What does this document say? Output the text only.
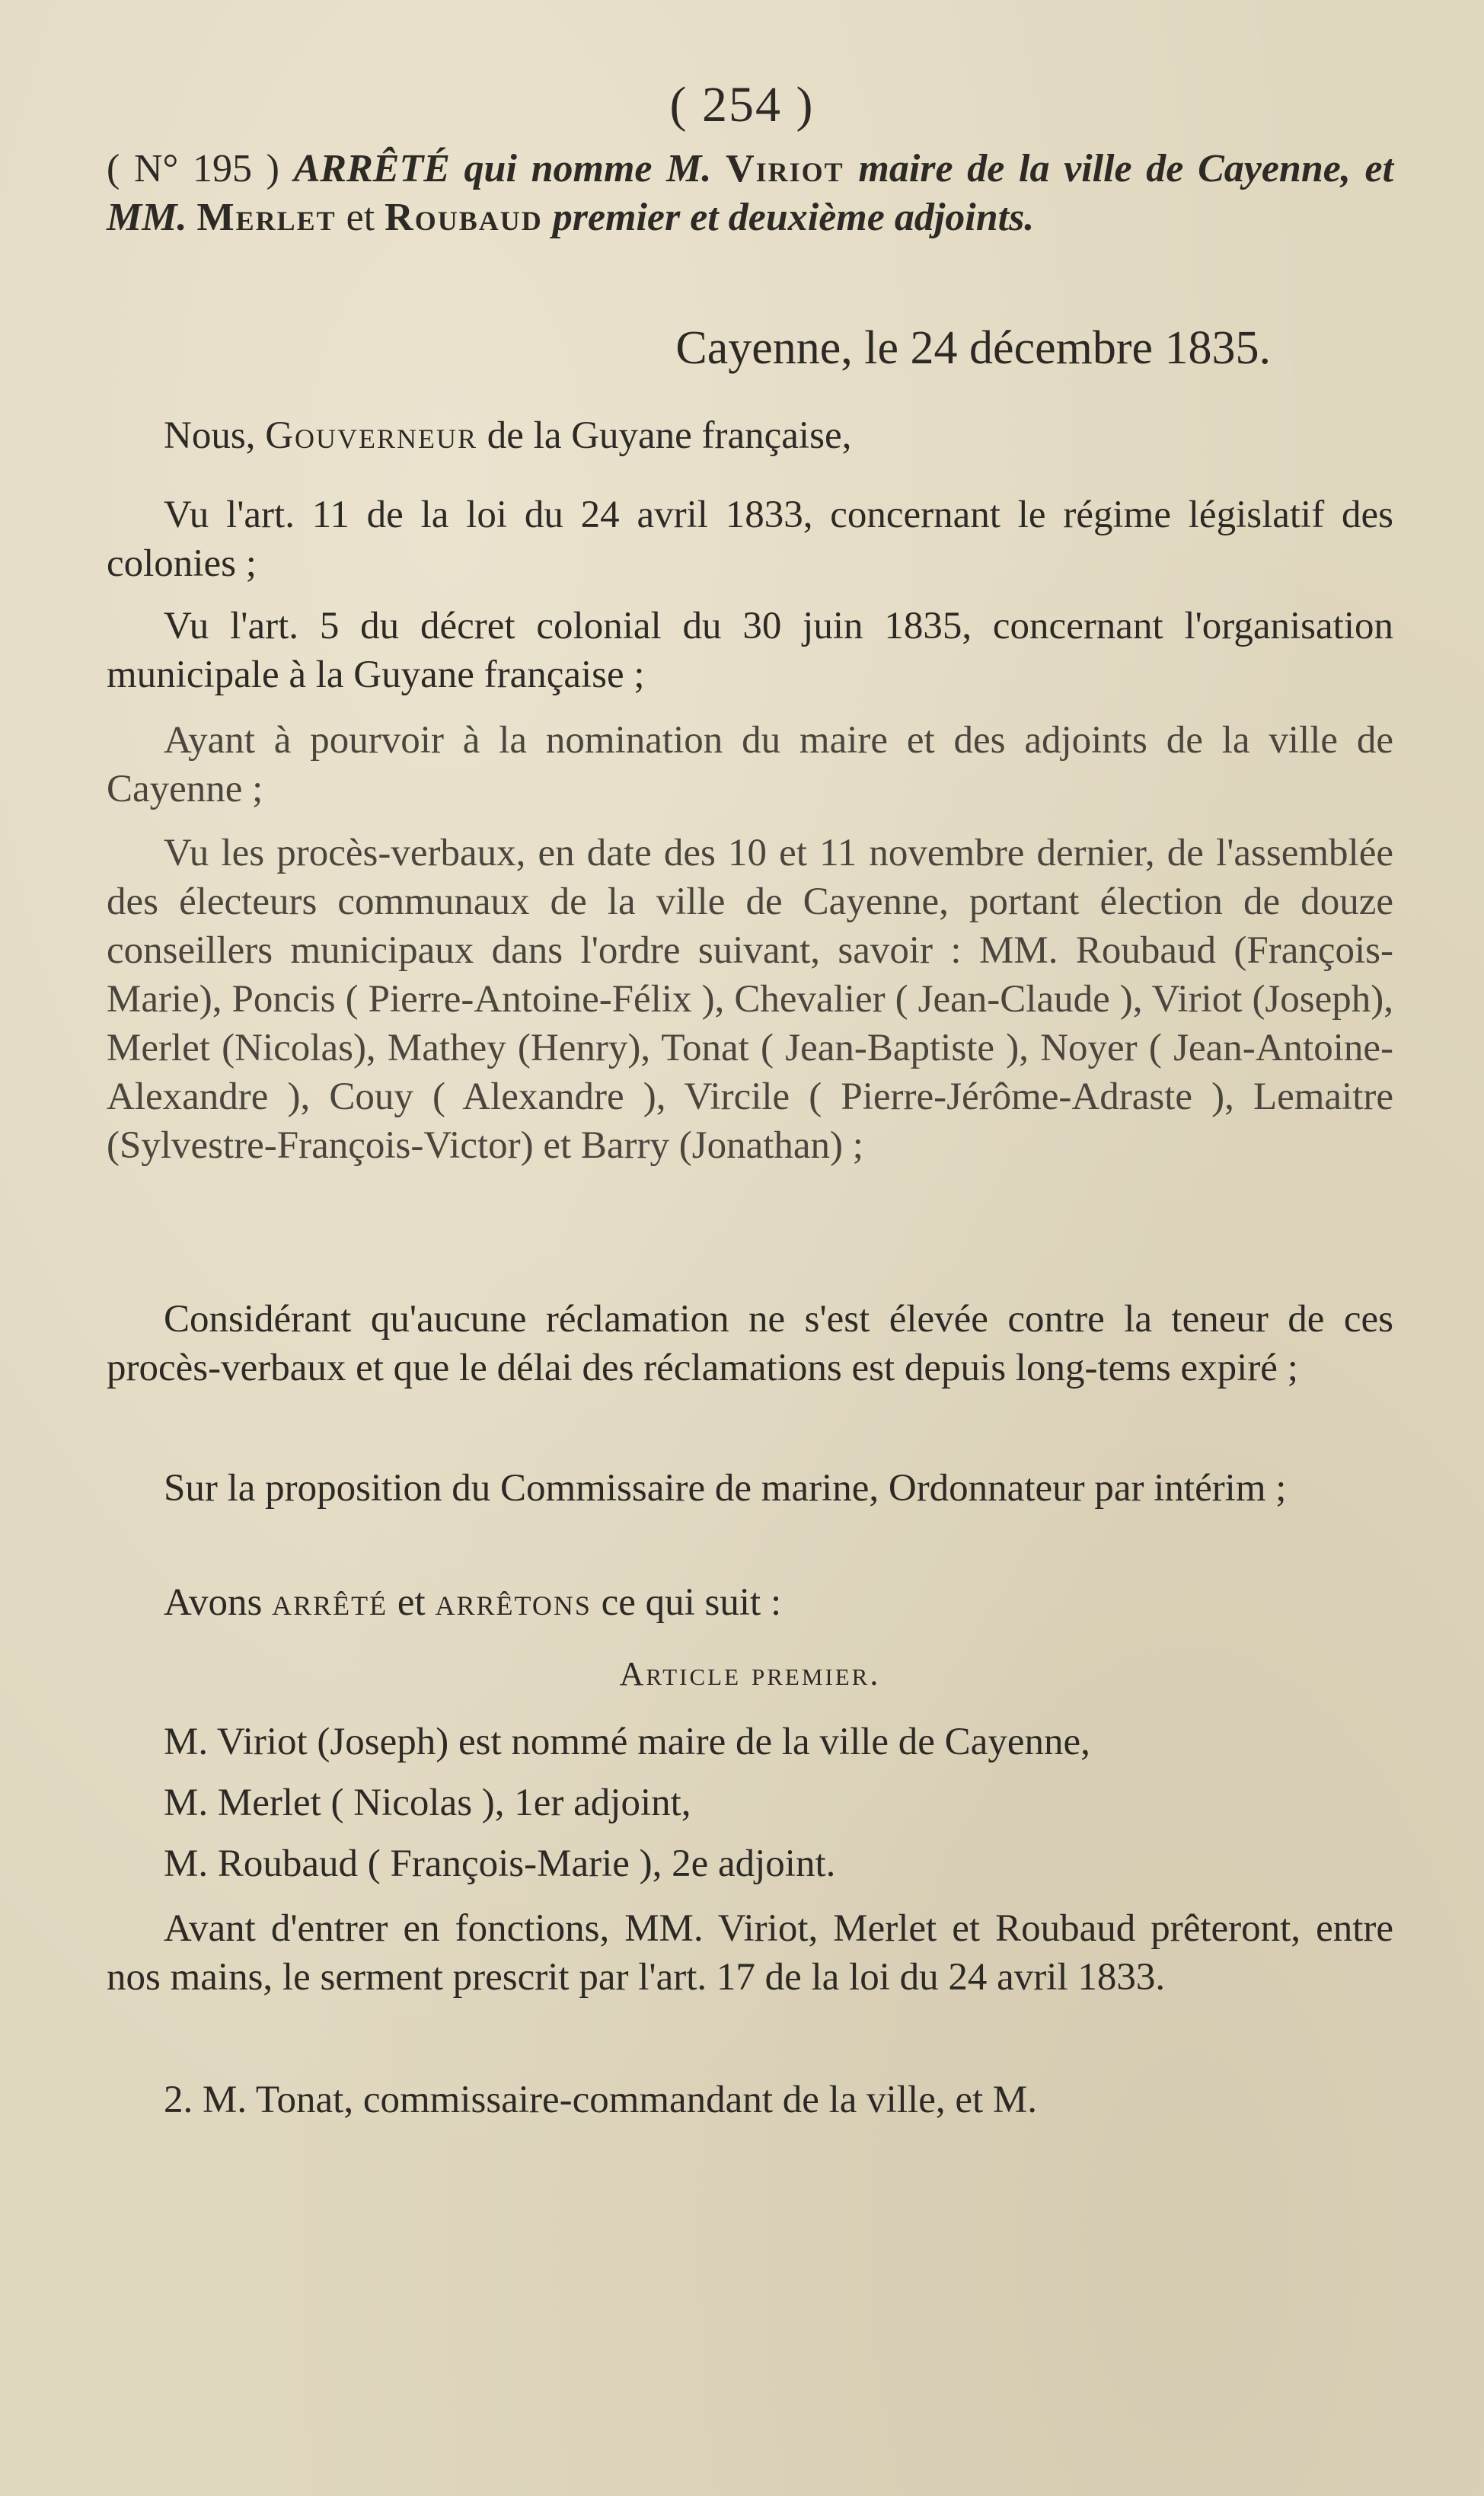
( 254 )
( N° 195 ) ARRÊTÉ qui nomme M. Viriot maire de la ville de Cayenne, et MM. Merlet et Roubaud premier et deuxième adjoints.
Cayenne, le 24 décembre 1835.
Nous, Gouverneur de la Guyane française,
Vu l'art. 11 de la loi du 24 avril 1833, concernant le régime législatif des colonies ;
Vu l'art. 5 du décret colonial du 30 juin 1835, concernant l'organisation municipale à la Guyane française ;
Ayant à pourvoir à la nomination du maire et des adjoints de la ville de Cayenne ;
Vu les procès-verbaux, en date des 10 et 11 novembre dernier, de l'assemblée des électeurs communaux de la ville de Cayenne, portant élection de douze conseillers municipaux dans l'ordre suivant, savoir : MM. Roubaud (François-Marie), Poncis ( Pierre-Antoine-Félix ), Chevalier ( Jean-Claude ), Viriot (Joseph), Merlet (Nicolas), Mathey (Henry), Tonat ( Jean-Baptiste ), Noyer ( Jean-Antoine-Alexandre ), Couy ( Alexandre ), Vircile ( Pierre-Jérôme-Adraste ), Lemaitre (Sylvestre-François-Victor) et Barry (Jonathan) ;
Considérant qu'aucune réclamation ne s'est élevée contre la teneur de ces procès-verbaux et que le délai des réclamations est depuis long-tems expiré ;
Sur la proposition du Commissaire de marine, Ordonnateur par intérim ;
Avons arrêté et arrêtons ce qui suit :
Article premier.
M. Viriot (Joseph) est nommé maire de la ville de Cayenne,
M. Merlet ( Nicolas ), 1er adjoint,
M. Roubaud ( François-Marie ), 2e adjoint.
Avant d'entrer en fonctions, MM. Viriot, Merlet et Roubaud prêteront, entre nos mains, le serment prescrit par l'art. 17 de la loi du 24 avril 1833.
2. M. Tonat, commissaire-commandant de la ville, et M.
